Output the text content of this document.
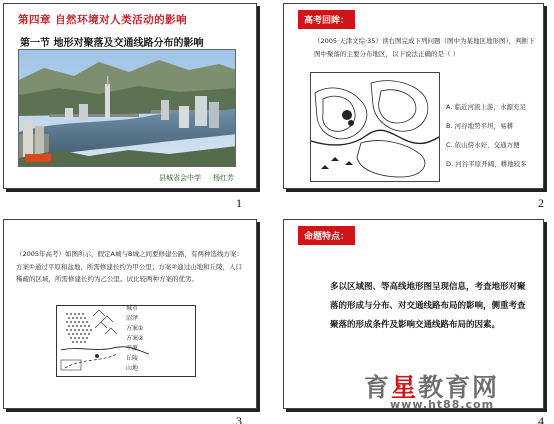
第四章 自然环境对人类活动的影响
第一节 地形对聚落及交通线路分布的影响
县城省会中学 杨红芳
1
高考回眸：
（2005·天津文综·35）读右图完成下列问题（图中为某地区地形图），判断下图中聚落的主要分布地区，以下说法正确的是（ ）
A. 临近河流上游，水源充足
B. 河谷地势平坦，易耕
C. 依山傍水好，交通方便
D. 河谷平原开阔，耕地较多
2
（2005年高考）如图所示，假定A城与B城之间要修建公路，有两种选线方案：方案①通过平原和盆地，所需修建长约为甲公里；方案②通过山地和丘陵，人口稀疏的区域，所需修建长约为乙公里。试比较两种方案的优劣。
城市
沼泽
方案①
方案②
平原
丘陵
山地
3
命题特点：
多以区域图、等高线地形图呈现信息，考查地形对聚落的形成与分布、对交通线路布局的影响，侧重考查聚落的形成条件及影响交通线路布局的因素。
育星教育网
www.ht88.com
4
